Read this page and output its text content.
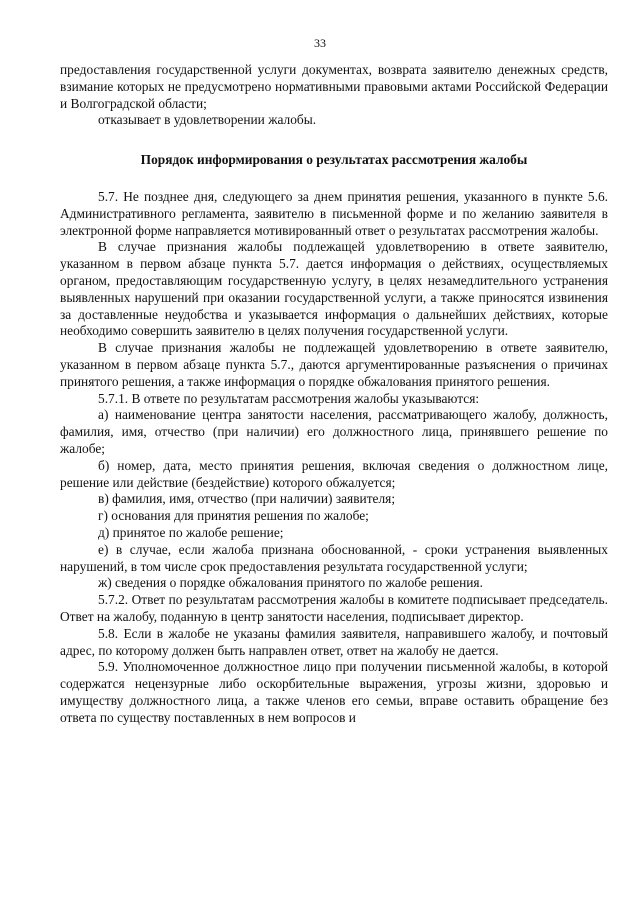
33

предоставления государственной услуги документах, возврата заявителю денежных средств, взимание которых не предусмотрено нормативными правовыми актами Российской Федерации и Волгоградской области;

отказывает в удовлетворении жалобы.

Порядок информирования о результатах рассмотрения жалобы

5.7. Не позднее дня, следующего за днем принятия решения, указанного в пункте 5.6. Административного регламента, заявителю в письменной форме и по желанию заявителя в электронной форме направляется мотивированный ответ о результатах рассмотрения жалобы.

В случае признания жалобы подлежащей удовлетворению в ответе заявителю, указанном в первом абзаце пункта 5.7. дается информация о действиях, осуществляемых органом, предоставляющим государственную услугу, в целях незамедлительного устранения выявленных нарушений при оказании государственной услуги, а также приносятся извинения за доставленные неудобства и указывается информация о дальнейших действиях, которые необходимо совершить заявителю в целях получения государственной услуги.

В случае признания жалобы не подлежащей удовлетворению в ответе заявителю, указанном в первом абзаце пункта 5.7., даются аргументированные разъяснения о причинах принятого решения, а также информация о порядке обжалования принятого решения.

5.7.1. В ответе по результатам рассмотрения жалобы указываются:

а) наименование центра занятости населения, рассматривающего жалобу, должность, фамилия, имя, отчество (при наличии) его должностного лица, принявшего решение по жалобе;

б) номер, дата, место принятия решения, включая сведения о должностном лице, решение или действие (бездействие) которого обжалуется;

в) фамилия, имя, отчество (при наличии) заявителя;

г) основания для принятия решения по жалобе;

д) принятое по жалобе решение;

е) в случае, если жалоба признана обоснованной, - сроки устранения выявленных нарушений, в том числе срок предоставления результата государственной услуги;

ж) сведения о порядке обжалования принятого по жалобе решения.

5.7.2. Ответ по результатам рассмотрения жалобы в комитете подписывает председатель. Ответ на жалобу, поданную в центр занятости населения, подписывает директор.

5.8. Если в жалобе не указаны фамилия заявителя, направившего жалобу, и почтовый адрес, по которому должен быть направлен ответ, ответ на жалобу не дается.

5.9. Уполномоченное должностное лицо при получении письменной жалобы, в которой содержатся нецензурные либо оскорбительные выражения, угрозы жизни, здоровью и имуществу должностного лица, а также членов его семьи, вправе оставить обращение без ответа по существу поставленных в нем вопросов и
